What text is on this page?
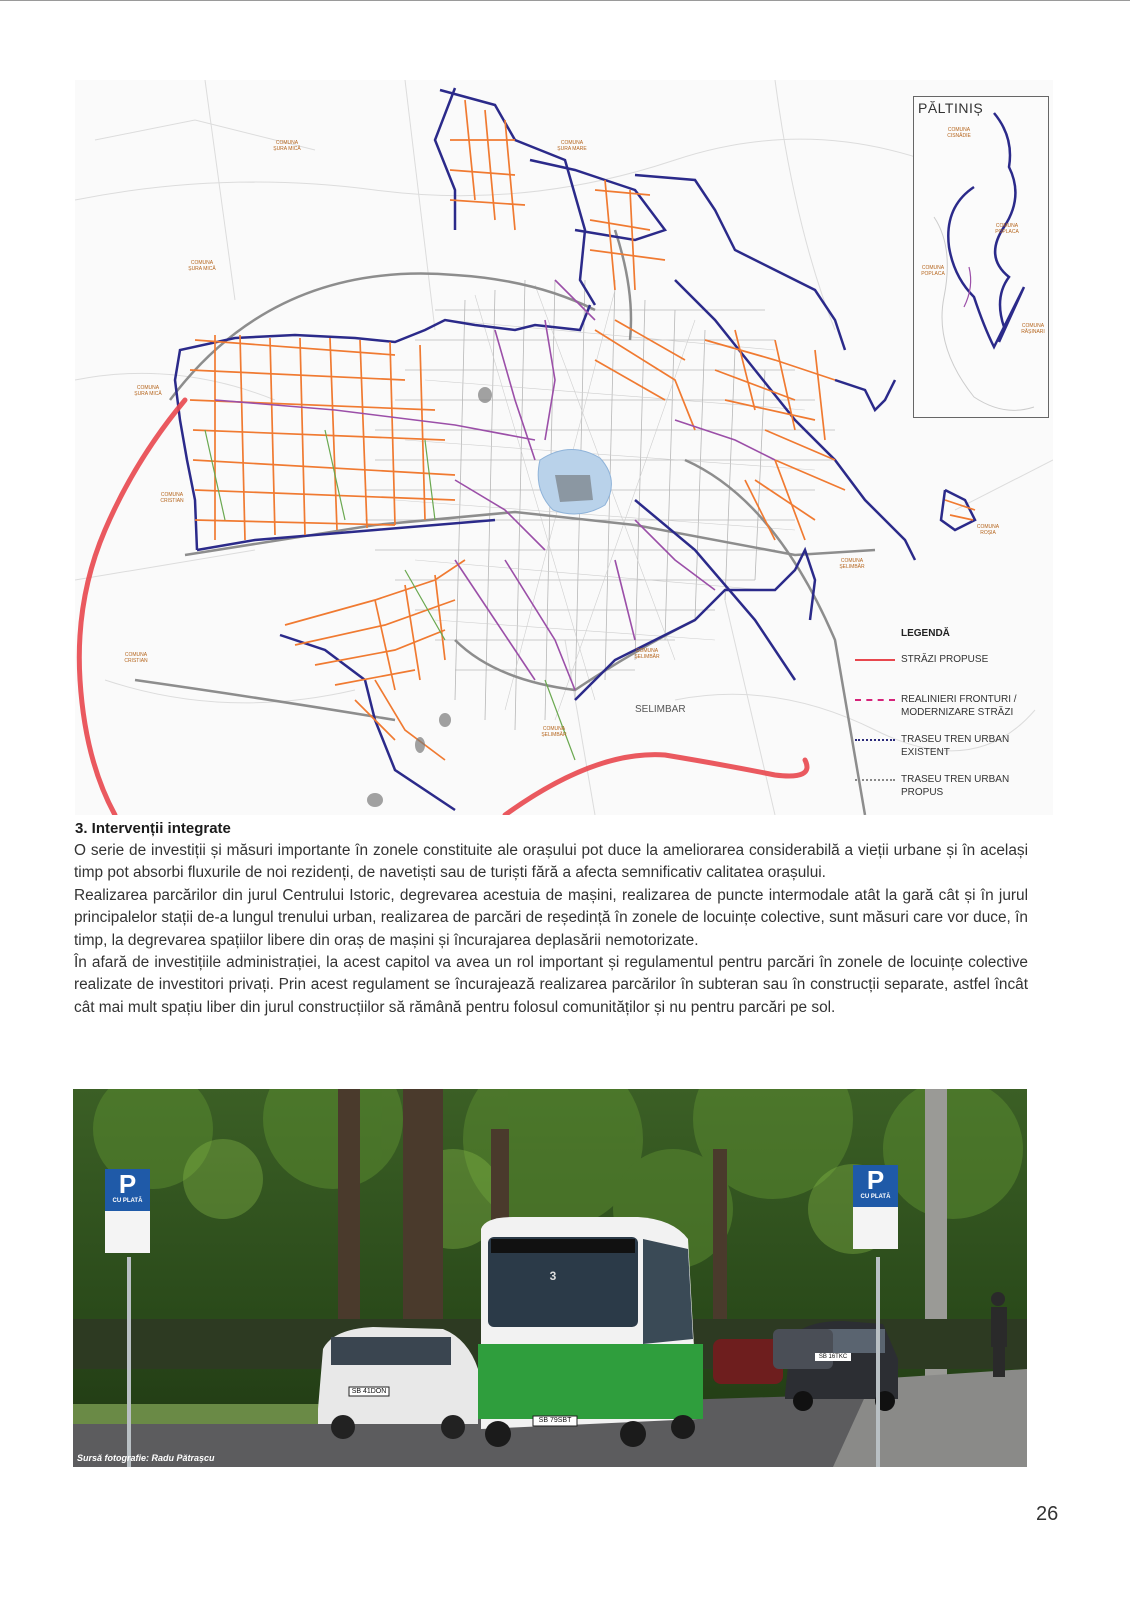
PĂLTINIȘ
COMUNA CISNĂDIE
COMUNA POPLACA
COMUNA POPLACA
COMUNA RĂȘINARI
COMUNA ȘURA MICĂ
COMUNA ȘURA MARE
COMUNA ȘURA MICĂ
COMUNA ȘURA MICĂ
COMUNA CRISTIAN
COMUNA CRISTIAN
COMUNA ȘELIMBĂR
COMUNA ȘELIMBĂR
COMUNA ȘELIMBĂR
COMUNA ROȘIA
SELIMBAR
LEGENDĂ
STRĂZI PROPUSE
REALINIERI FRONTURI / MODERNIZARE STRĂZI
TRASEU TREN URBAN EXISTENT
TRASEU TREN URBAN PROPUS
3. Intervenții integrate

O serie de investiții și măsuri importante în zonele constituite ale orașului pot duce la ameliorarea considerabilă a vieții urbane și în același timp pot absorbi fluxurile de noi rezidenți, de navetiști sau de turiști fără a afecta semnificativ calitatea orașului.

Realizarea parcărilor din jurul Centrului Istoric, degrevarea acestuia de mașini, realizarea de puncte intermodale atât la gară cât și în jurul principalelor stații de-a lungul trenului urban, realizarea de parcări de reședință în zonele de locuințe colective, sunt măsuri care vor duce, în timp, la degrevarea spațiilor libere din oraș de mașini și încurajarea deplasării nemotorizate.

În afară de investițiile administrației, la acest capitol va avea un rol important și regulamentul pentru parcări în zonele de locuințe colective realizate de investitori privați. Prin acest regulament se încurajează realizarea parcărilor în subteran sau în construcții separate, astfel încât cât mai mult spațiu liber din jurul construcțiilor să rămână pentru folosul comunităților și nu pentru parcări pe sol.

P
CU PLATĂ
P
CU PLATĂ
3
SB 79SBT
SB 41DON
SB 16TKC
Sursă fotografie: Radu Pătrașcu
26
